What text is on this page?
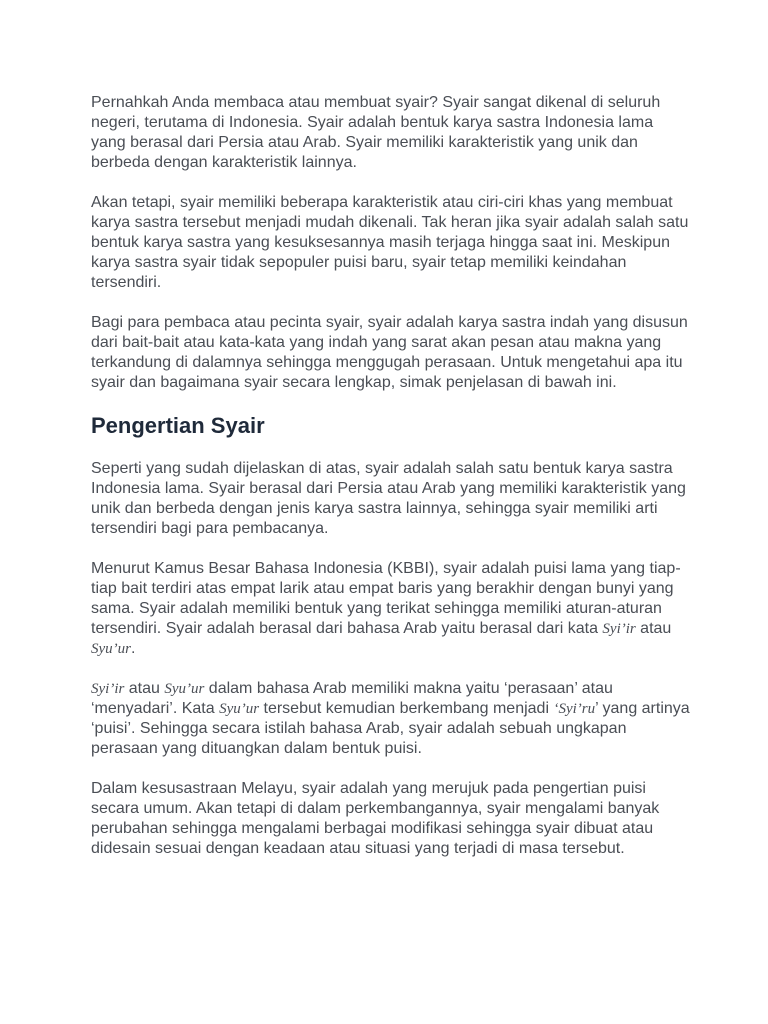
Pernahkah Anda membaca atau membuat syair? Syair sangat dikenal di seluruh negeri, terutama di Indonesia. Syair adalah bentuk karya sastra Indonesia lama yang berasal dari Persia atau Arab. Syair memiliki karakteristik yang unik dan berbeda dengan karakteristik lainnya.

Akan tetapi, syair memiliki beberapa karakteristik atau ciri-ciri khas yang membuat karya sastra tersebut menjadi mudah dikenali. Tak heran jika syair adalah salah satu bentuk karya sastra yang kesuksesannya masih terjaga hingga saat ini. Meskipun karya sastra syair tidak sepopuler puisi baru, syair tetap memiliki keindahan tersendiri.

Bagi para pembaca atau pecinta syair, syair adalah karya sastra indah yang disusun dari bait-bait atau kata-kata yang indah yang sarat akan pesan atau makna yang terkandung di dalamnya sehingga menggugah perasaan. Untuk mengetahui apa itu syair dan bagaimana syair secara lengkap, simak penjelasan di bawah ini.

Pengertian Syair

Seperti yang sudah dijelaskan di atas, syair adalah salah satu bentuk karya sastra Indonesia lama. Syair berasal dari Persia atau Arab yang memiliki karakteristik yang unik dan berbeda dengan jenis karya sastra lainnya, sehingga syair memiliki arti tersendiri bagi para pembacanya.

Menurut Kamus Besar Bahasa Indonesia (KBBI), syair adalah puisi lama yang tiap-tiap bait terdiri atas empat larik atau empat baris yang berakhir dengan bunyi yang sama. Syair adalah memiliki bentuk yang terikat sehingga memiliki aturan-aturan tersendiri. Syair adalah berasal dari bahasa Arab yaitu berasal dari kata Syi’ir atau Syu’ur.

Syi’ir atau Syu’ur dalam bahasa Arab memiliki makna yaitu ‘perasaan’ atau ‘menyadari’. Kata Syu’ur tersebut kemudian berkembang menjadi ‘Syi’ru’ yang artinya ‘puisi’. Sehingga secara istilah bahasa Arab, syair adalah sebuah ungkapan perasaan yang dituangkan dalam bentuk puisi.

Dalam kesusastraan Melayu, syair adalah yang merujuk pada pengertian puisi secara umum. Akan tetapi di dalam perkembangannya, syair mengalami banyak perubahan sehingga mengalami berbagai modifikasi sehingga syair dibuat atau didesain sesuai dengan keadaan atau situasi yang terjadi di masa tersebut.
